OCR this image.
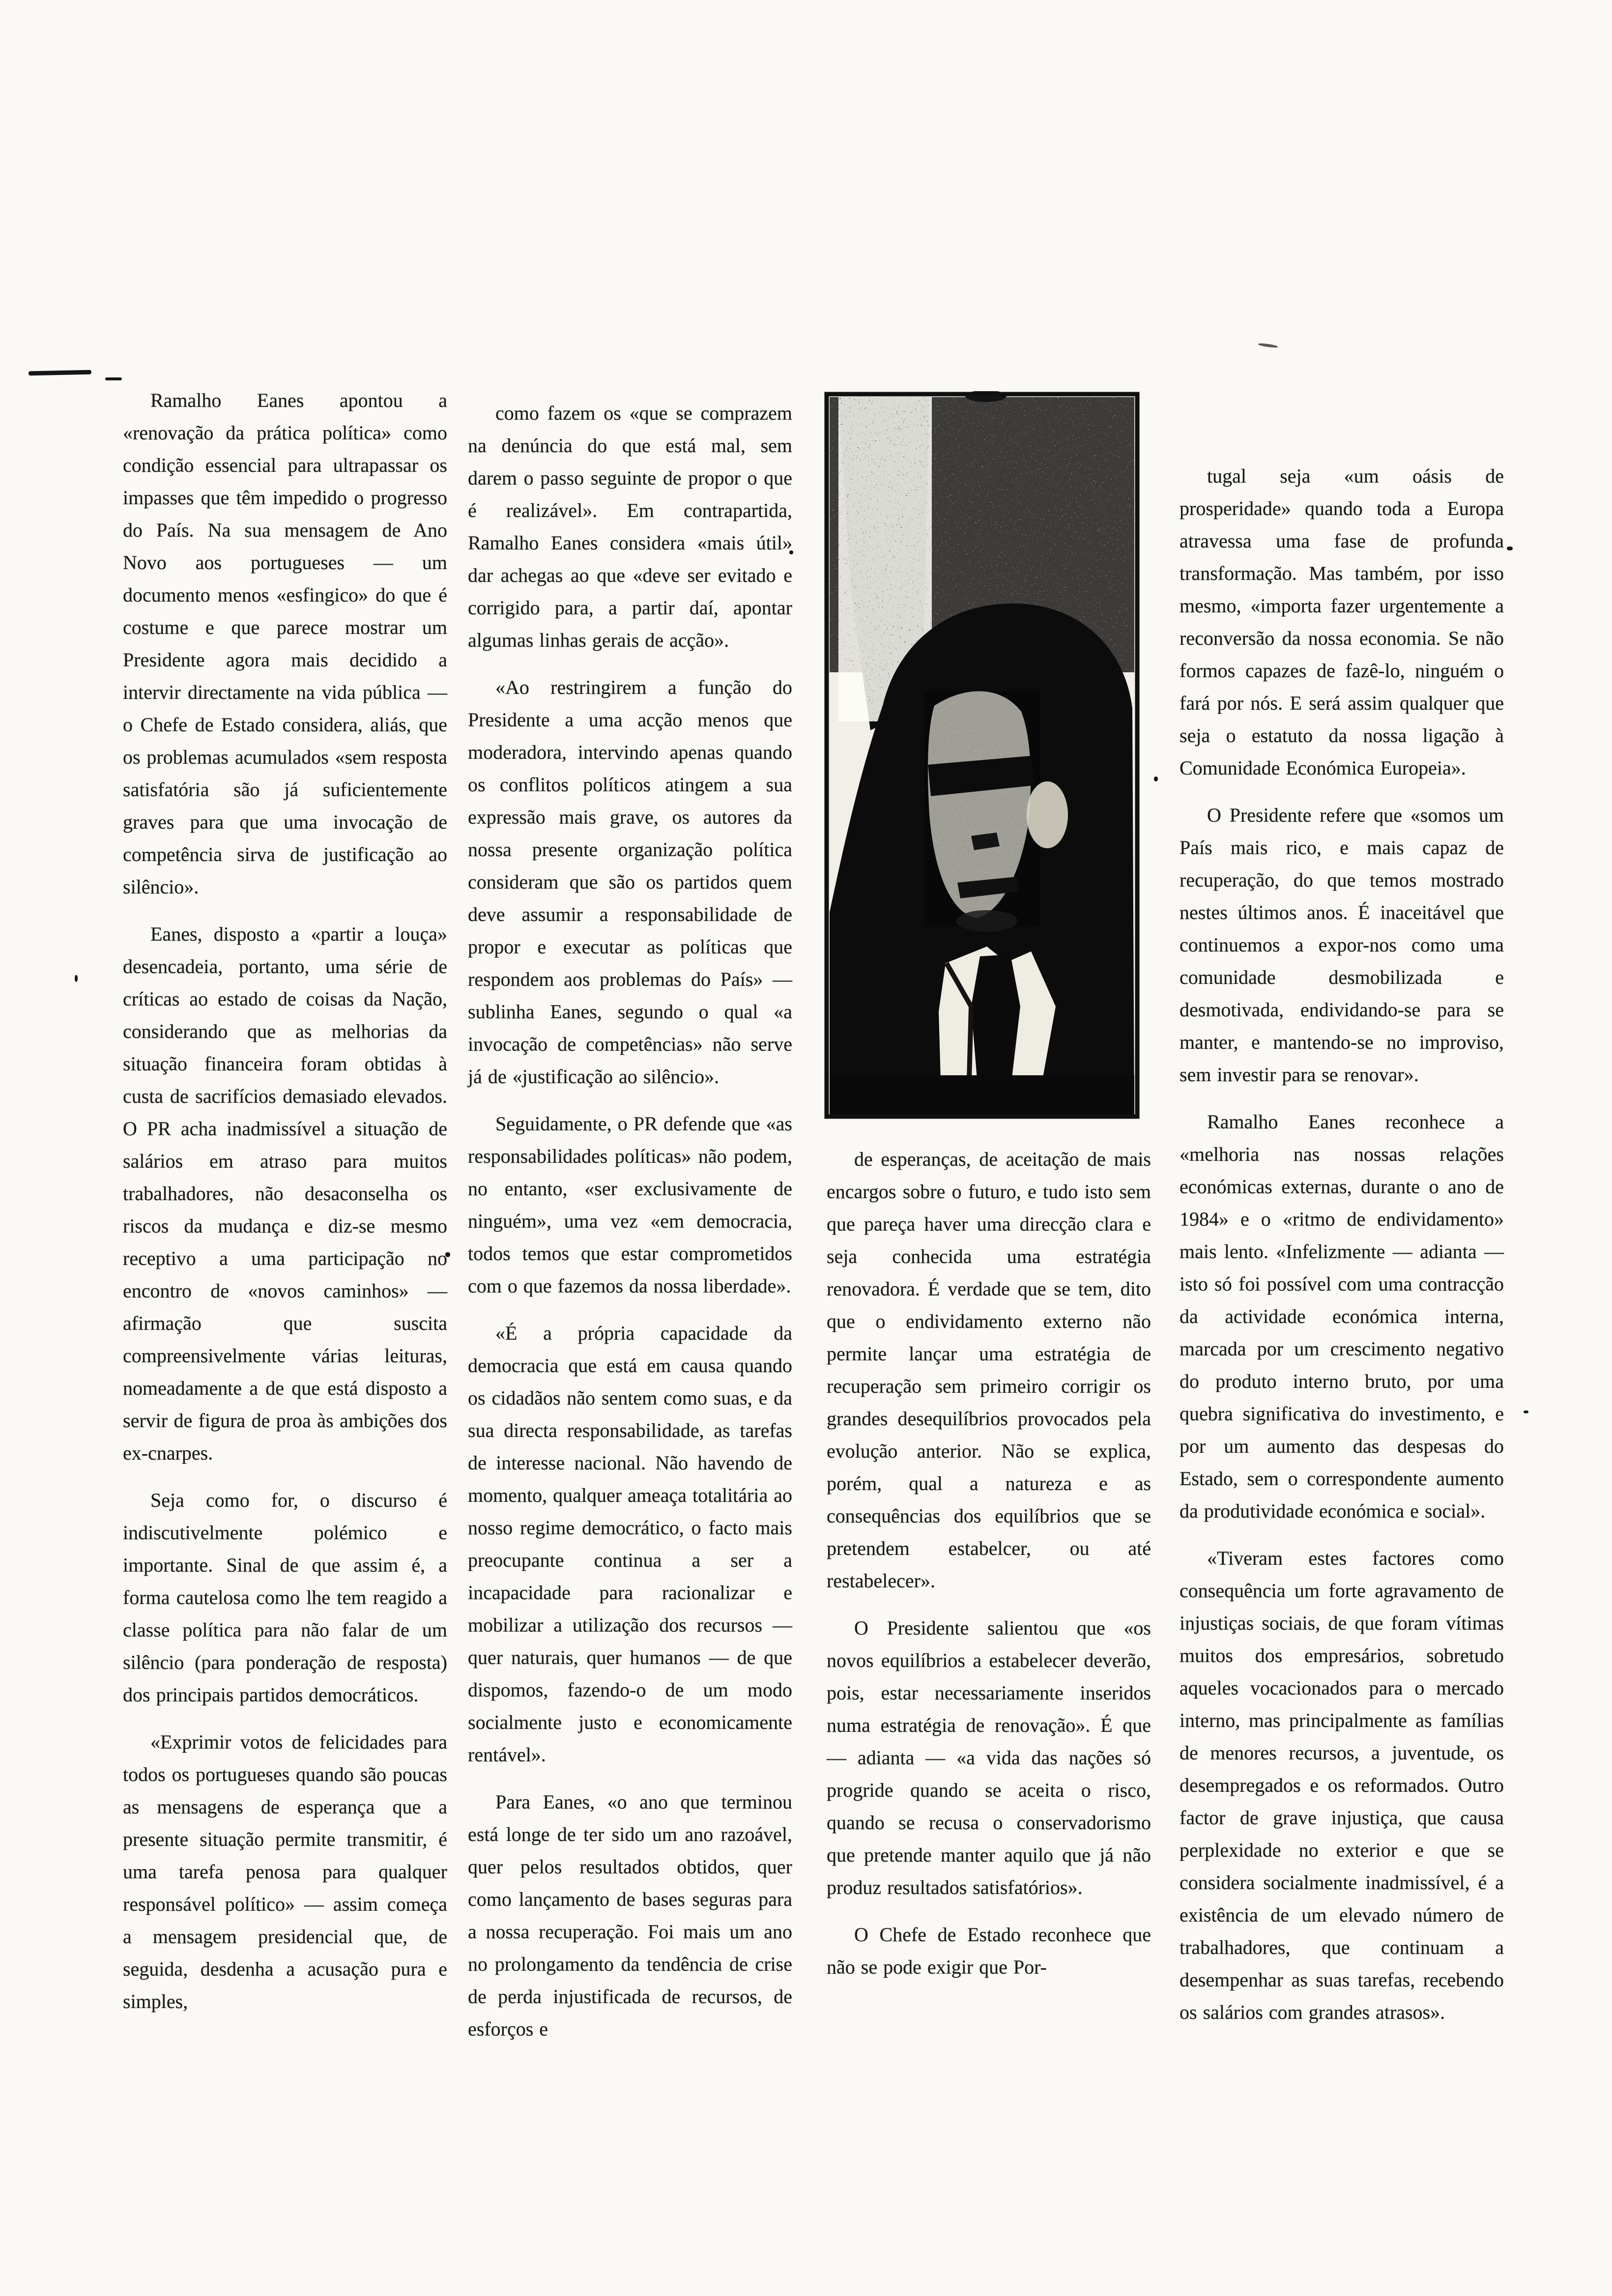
Ramalho Eanes apontou a «renovação da prática política» como condição essencial para ultrapassar os impasses que têm impedido o progresso do País. Na sua mensagem de Ano Novo aos portugueses — um documento menos «esfingico» do que é costume e que parece mostrar um Presidente agora mais decidido a intervir directamente na vida pública — o Chefe de Estado considera, aliás, que os problemas acumulados «sem resposta satisfatória são já suficientemente graves para que uma invocação de competência sirva de justificação ao silêncio».

Eanes, disposto a «partir a louça» desencadeia, portanto, uma série de críticas ao estado de coisas da Nação, considerando que as melhorias da situação financeira foram obtidas à custa de sacrifícios demasiado elevados. O PR acha inadmissível a situação de salários em atraso para muitos trabalhadores, não desaconselha os riscos da mudança e diz-se mesmo receptivo a uma participação no encontro de «novos caminhos» — afirmação que suscita compreensivelmente várias leituras, nomeadamente a de que está disposto a servir de figura de proa às ambições dos ex-cnarpes.

Seja como for, o discurso é indiscutivelmente polémico e importante. Sinal de que assim é, a forma cautelosa como lhe tem reagido a classe política para não falar de um silêncio (para ponderação de resposta) dos principais partidos democráticos.

«Exprimir votos de felicidades para todos os portugueses quando são poucas as mensagens de esperança que a presente situação permite transmitir, é uma tarefa penosa para qualquer responsável político» — assim começa a mensagem presidencial que, de seguida, desdenha a acusação pura e simples,

como fazem os «que se comprazem na denúncia do que está mal, sem darem o passo seguinte de propor o que é realizável». Em contrapartida, Ramalho Eanes considera «mais útil» dar achegas ao que «deve ser evitado e corrigido para, a partir daí, apontar algumas linhas gerais de acção».

«Ao restringirem a função do Presidente a uma acção menos que moderadora, intervindo apenas quando os conflitos políticos atingem a sua expressão mais grave, os autores da nossa presente organização política consideram que são os partidos quem deve assumir a responsabilidade de propor e executar as políticas que respondem aos problemas do País» — sublinha Eanes, segundo o qual «a invocação de competências» não serve já de «justificação ao silêncio».

Seguidamente, o PR defende que «as responsabilidades políticas» não podem, no entanto, «ser exclusivamente de ninguém», uma vez «em democracia, todos temos que estar comprometidos com o que fazemos da nossa liberdade».

«É a própria capacidade da democracia que está em causa quando os cidadãos não sentem como suas, e da sua directa responsabilidade, as tarefas de interesse nacional. Não havendo de momento, qualquer ameaça totalitária ao nosso regime democrático, o facto mais preocupante continua a ser a incapacidade para racionalizar e mobilizar a utilização dos recursos — quer naturais, quer humanos — de que dispomos, fazendo-o de um modo socialmente justo e economicamente rentável».

Para Eanes, «o ano que terminou está longe de ter sido um ano razoável, quer pelos resultados obtidos, quer como lançamento de bases seguras para a nossa recuperação. Foi mais um ano no prolongamento da tendência de crise de perda injustificada de recursos, de esforços e

de esperanças, de aceitação de mais encargos sobre o futuro, e tudo isto sem que pareça haver uma direcção clara e seja conhecida uma estratégia renovadora. É verdade que se tem, dito que o endividamento externo não permite lançar uma estratégia de recuperação sem primeiro corrigir os grandes desequilíbrios provocados pela evolução anterior. Não se explica, porém, qual a natureza e as consequências dos equilíbrios que se pretendem estabelcer, ou até restabelecer».

O Presidente salientou que «os novos equilíbrios a estabelecer deverão, pois, estar necessariamente inseridos numa estratégia de renovação». É que — adianta — «a vida das nações só progride quando se aceita o risco, quando se recusa o conservadorismo que pretende manter aquilo que já não produz resultados satisfatórios».

O Chefe de Estado reconhece que não se pode exigir que Por-

tugal seja «um oásis de prosperidade» quando toda a Europa atravessa uma fase de profunda transformação. Mas também, por isso mesmo, «importa fazer urgentemente a reconversão da nossa economia. Se não formos capazes de fazê-lo, ninguém o fará por nós. E será assim qualquer que seja o estatuto da nossa ligação à Comunidade Económica Europeia».

O Presidente refere que «somos um País mais rico, e mais capaz de recuperação, do que temos mostrado nestes últimos anos. É inaceitável que continuemos a expor-nos como uma comunidade desmobilizada e desmotivada, endividando-se para se manter, e mantendo-se no improviso, sem investir para se renovar».

Ramalho Eanes reconhece a «melhoria nas nossas relações económicas externas, durante o ano de 1984» e o «ritmo de endividamento» mais lento. «Infelizmente — adianta — isto só foi possível com uma contracção da actividade económica interna, marcada por um crescimento negativo do produto interno bruto, por uma quebra significativa do investimento, e por um aumento das despesas do Estado, sem o correspondente aumento da produtividade económica e social».

«Tiveram estes factores como consequência um forte agravamento de injustiças sociais, de que foram vítimas muitos dos empresários, sobretudo aqueles vocacionados para o mercado interno, mas principalmente as famílias de menores recursos, a juventude, os desempregados e os reformados. Outro factor de grave injustiça, que causa perplexidade no exterior e que se considera socialmente inadmissível, é a existência de um elevado número de trabalhadores, que continuam a desempenhar as suas tarefas, recebendo os salários com grandes atrasos».
